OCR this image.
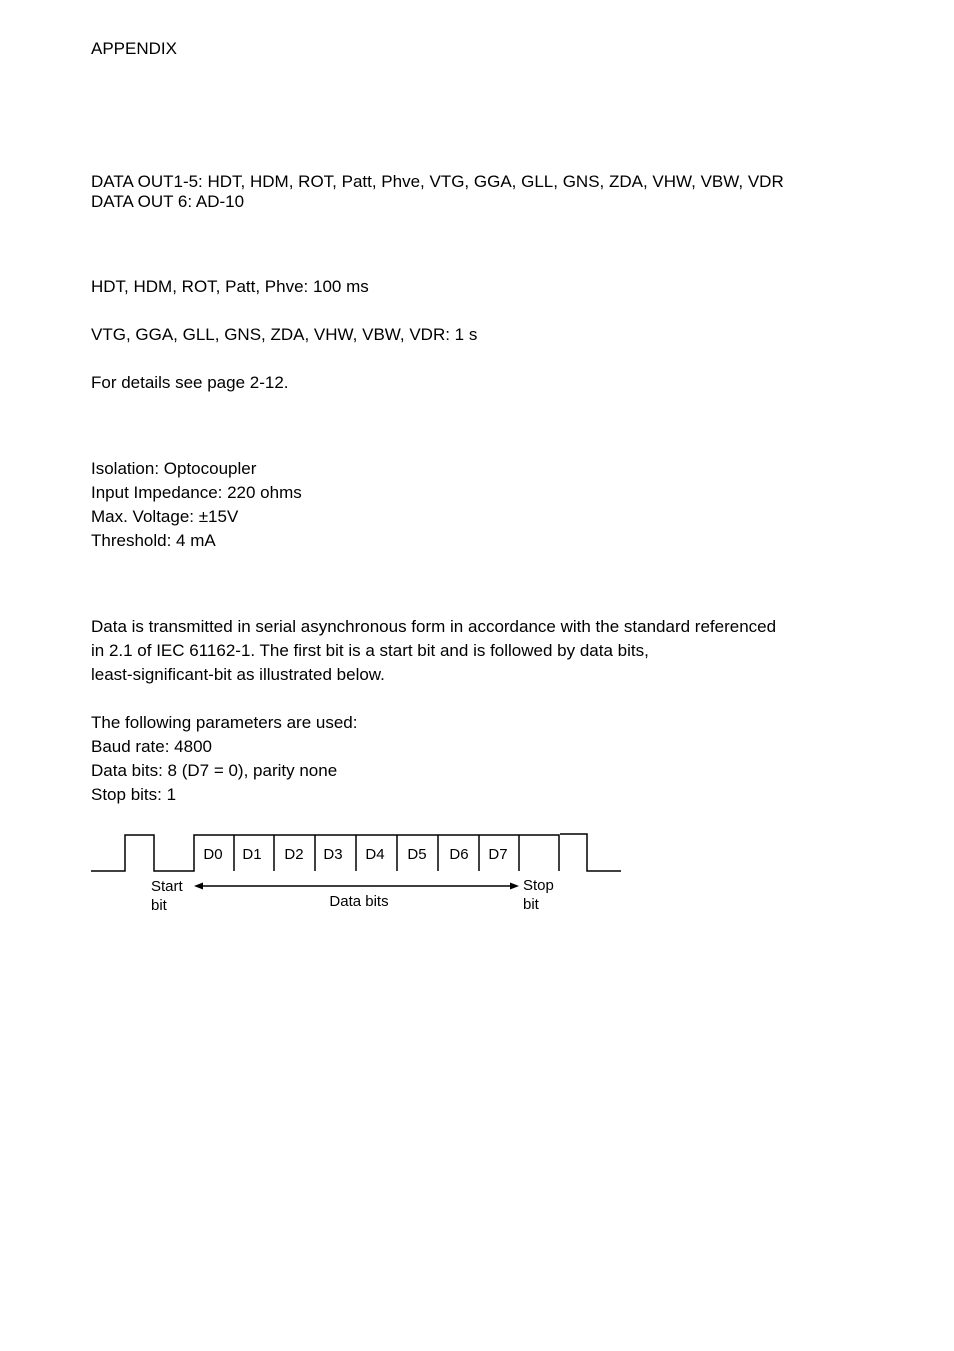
APPENDIX
DATA OUT1-5: HDT, HDM, ROT, Patt, Phve, VTG, GGA, GLL, GNS, ZDA, VHW, VBW, VDR
DATA OUT 6: AD-10
HDT, HDM, ROT, Patt, Phve: 100 ms
VTG, GGA, GLL, GNS, ZDA, VHW, VBW, VDR: 1 s
For details see page 2-12.
Isolation: Optocoupler
Input Impedance: 220 ohms
Max. Voltage: ±15V
Threshold: 4 mA
Data is transmitted in serial asynchronous form in accordance with the standard referenced
in 2.1 of IEC 61162-1. The first bit is a start bit and is followed by data bits,
least-significant-bit as illustrated below.
The following parameters are used:
Baud rate: 4800
Data bits: 8 (D7 = 0), parity none
Stop bits: 1
D0 D1 D2 D3 D4 D5 D6 D7
Start
bit	Data bits
Stop
bit
